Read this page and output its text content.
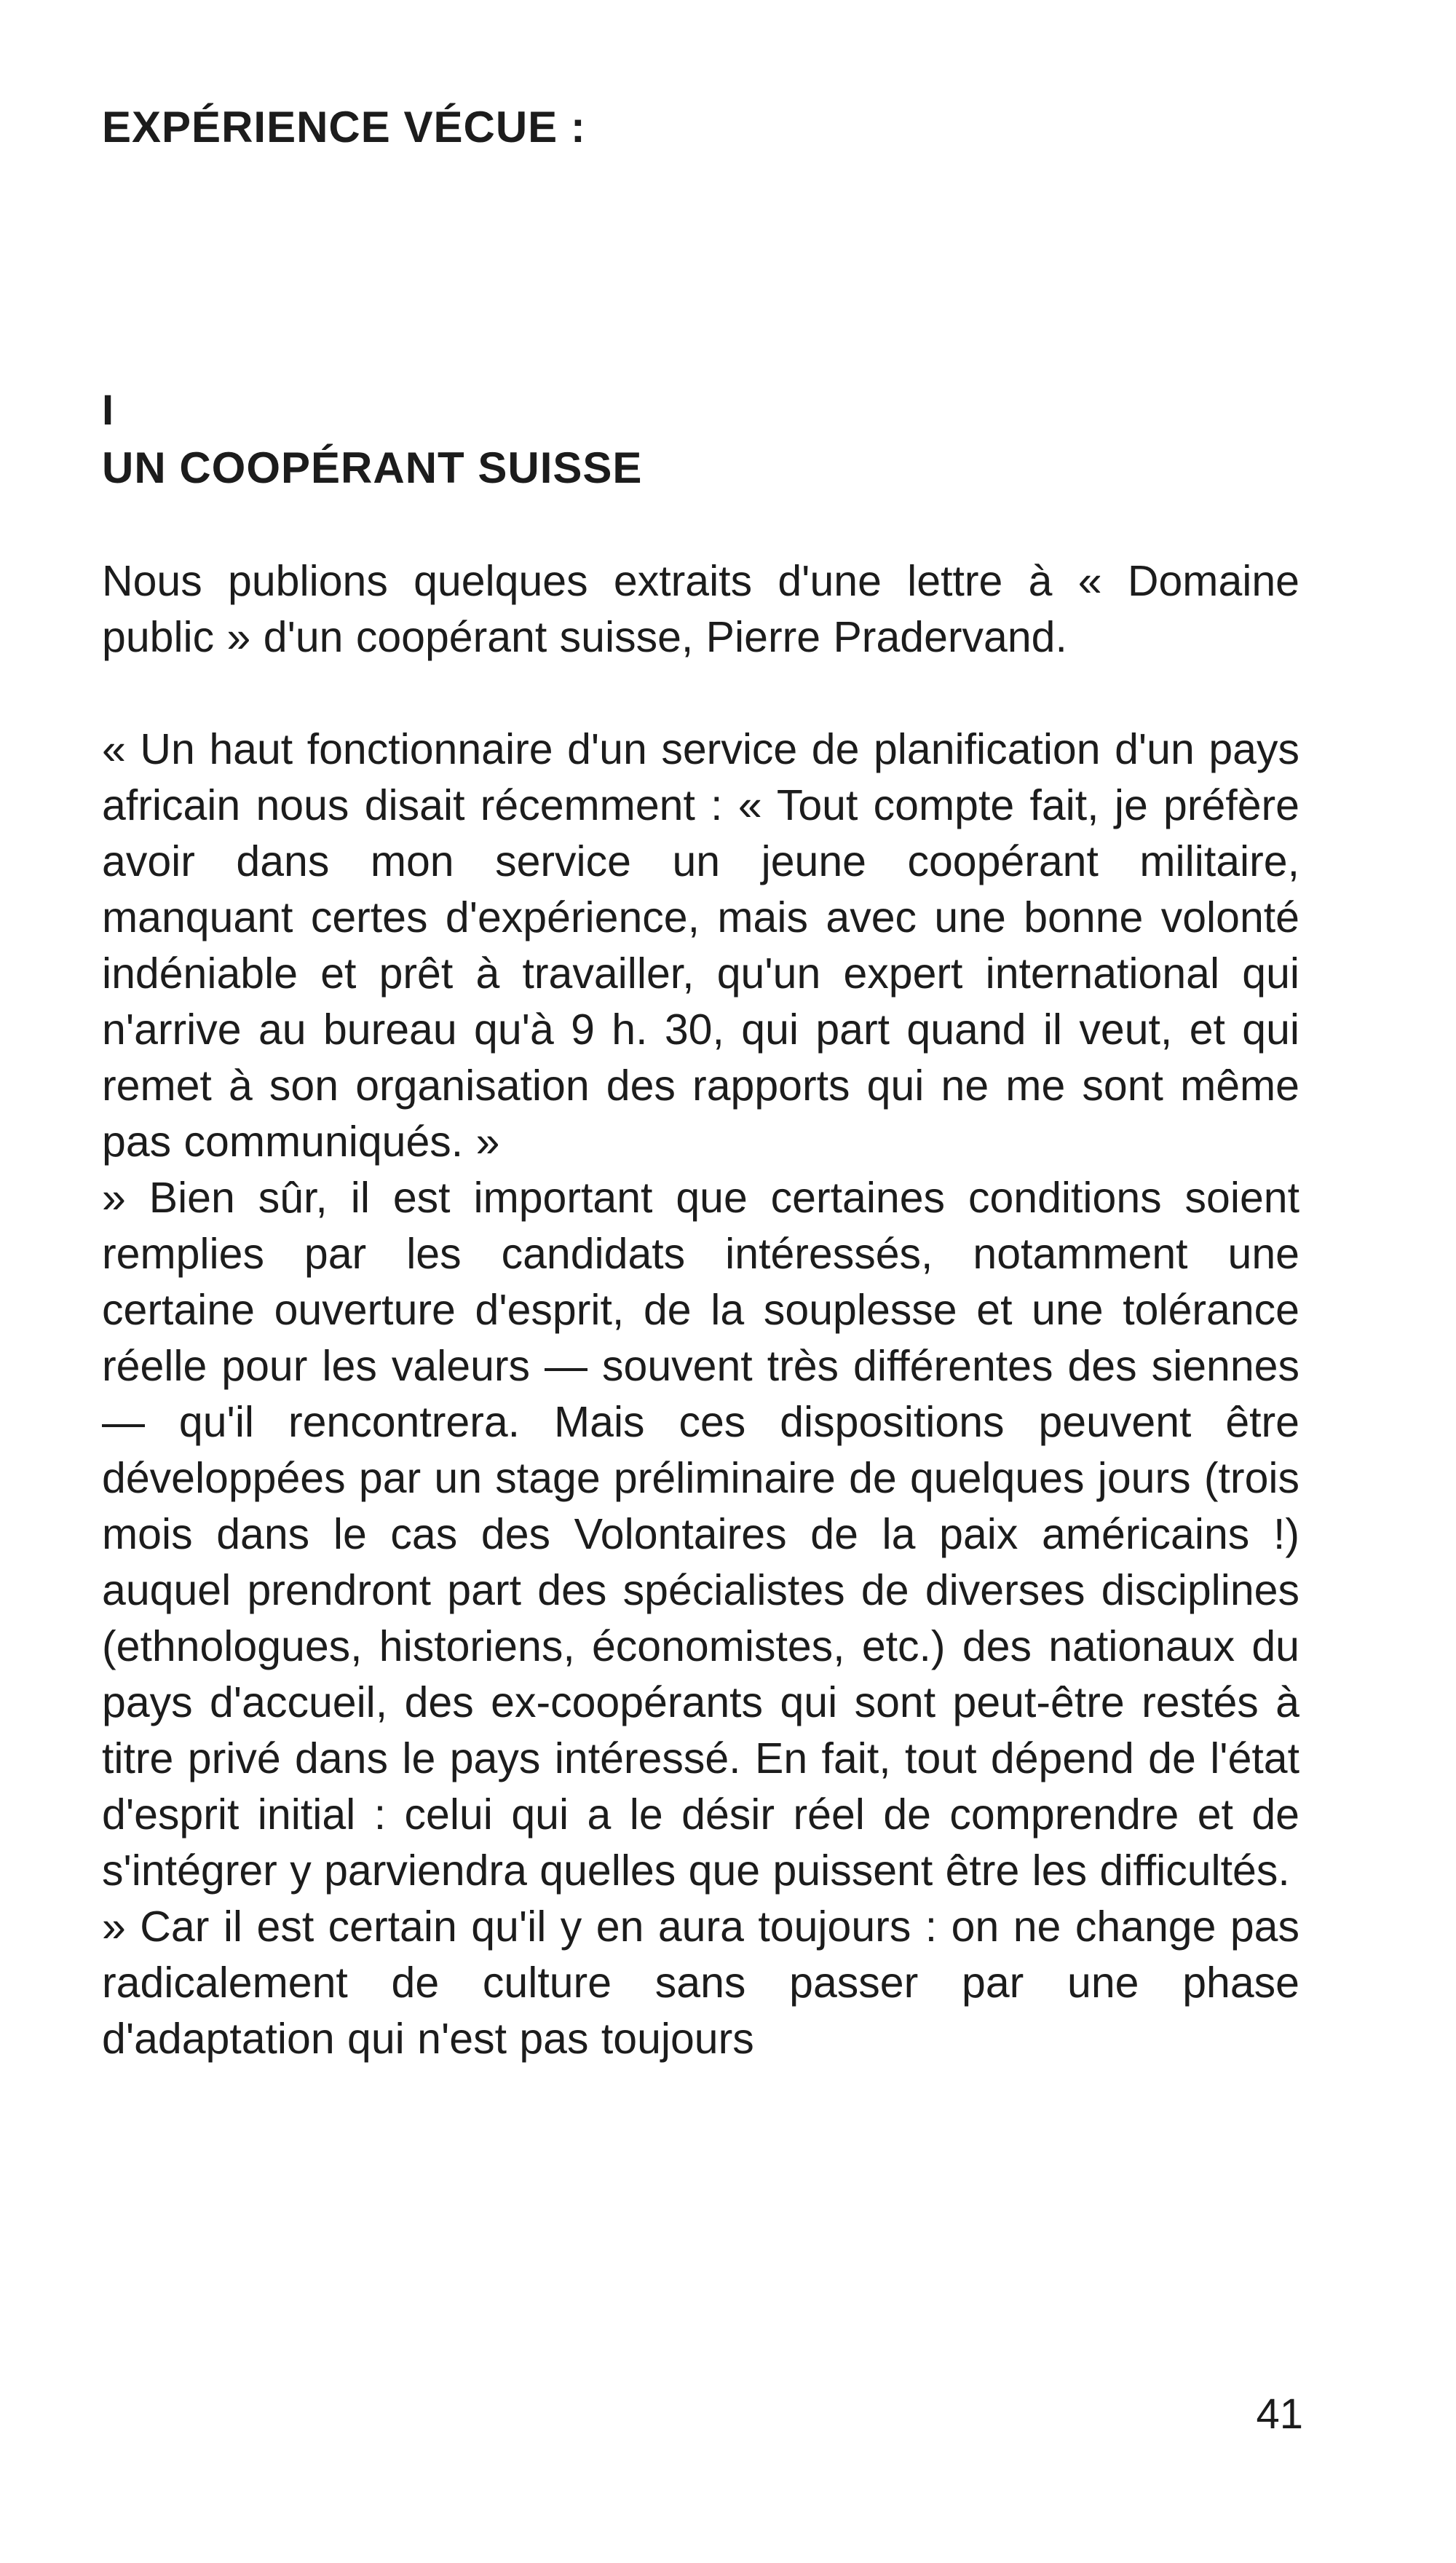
EXPÉRIENCE VÉCUE :
I
UN COOPÉRANT SUISSE

Nous publions quelques extraits d'une lettre à « Domaine public » d'un coopérant suisse, Pierre Pradervand.

« Un haut fonctionnaire d'un service de planification d'un pays africain nous disait récemment : « Tout compte fait, je préfère avoir dans mon service un jeune coopérant militaire, manquant certes d'expérience, mais avec une bonne volonté indéniable et prêt à travailler, qu'un expert international qui n'arrive au bureau qu'à 9 h. 30, qui part quand il veut, et qui remet à son organisation des rapports qui ne me sont même pas communiqués. »

» Bien sûr, il est important que certaines conditions soient remplies par les candidats intéressés, notamment une certaine ouverture d'esprit, de la souplesse et une tolérance réelle pour les valeurs — souvent très différentes des siennes — qu'il rencontrera. Mais ces dispositions peuvent être développées par un stage préliminaire de quelques jours (trois mois dans le cas des Volontaires de la paix américains !) auquel prendront part des spécialistes de diverses disciplines (ethnologues, historiens, économistes, etc.) des nationaux du pays d'accueil, des ex-coopérants qui sont peut-être restés à titre privé dans le pays intéressé. En fait, tout dépend de l'état d'esprit initial : celui qui a le désir réel de comprendre et de s'intégrer y parviendra quelles que puissent être les difficultés.

» Car il est certain qu'il y en aura toujours : on ne change pas radicalement de culture sans passer par une phase d'adaptation qui n'est pas toujours

41
